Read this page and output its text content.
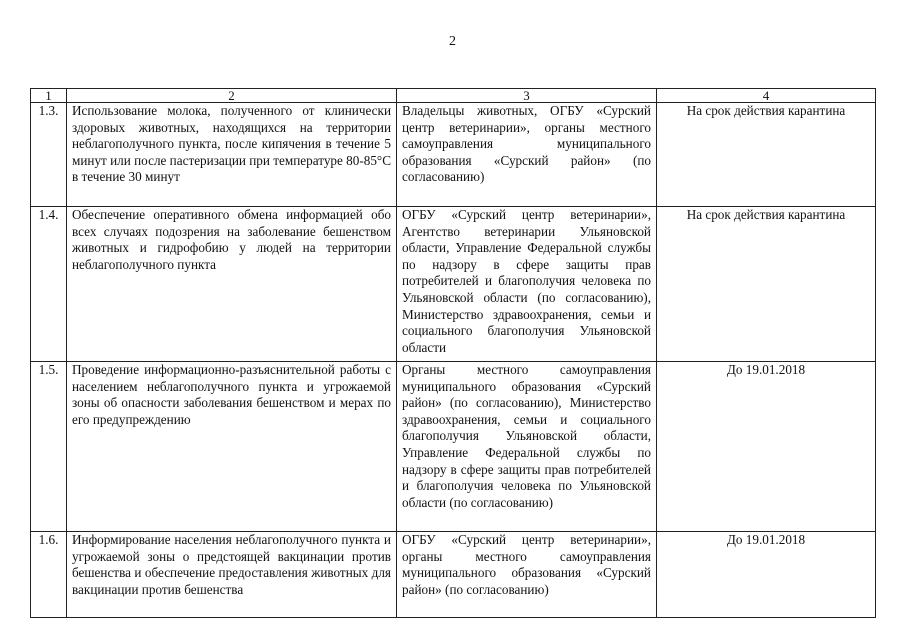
2
1	2	3	4
1.3.	Использование молока, полученного от клинически здоровых животных, находящихся на территории неблагополучного пункта, после кипячения в течение 5 минут или после пастеризации при температуре 80-85°С в течение 30 минут	Владельцы животных, ОГБУ «Сурский центр ветеринарии», органы местного самоуправления муниципального образования «Сурский район» (по согласованию)	На срок действия карантина
1.4.	Обеспечение оперативного обмена информацией обо всех случаях подозрения на заболевание бешенством животных и гидрофобию у людей на территории неблагополучного пункта	ОГБУ «Сурский центр ветеринарии», Агентство ветеринарии Ульяновской области, Управление Федеральной службы по надзору в сфере защиты прав потребителей и благополучия человека по Ульяновской области (по согласованию), Министерство здравоохранения, семьи и социального благополучия Ульяновской области	На срок действия карантина
1.5.	Проведение информационно-разъяснительной работы с населением неблагополучного пункта и угрожаемой зоны об опасности заболевания бешенством и мерах по его предупреждению	Органы местного самоуправления муниципального образования «Сурский район» (по согласованию), Министерство здравоохранения, семьи и социального благополучия Ульяновской области, Управление Федеральной службы по надзору в сфере защиты прав потребителей и благополучия человека по Ульяновской области (по согласованию)	До 19.01.2018
1.6.	Информирование населения неблагополучного пункта и угрожаемой зоны о предстоящей вакцинации против бешенства и обеспечение предоставления животных для вакцинации против бешенства	ОГБУ «Сурский центр ветеринарии», органы местного самоуправления муниципального образования «Сурский район» (по согласованию)	До 19.01.2018
